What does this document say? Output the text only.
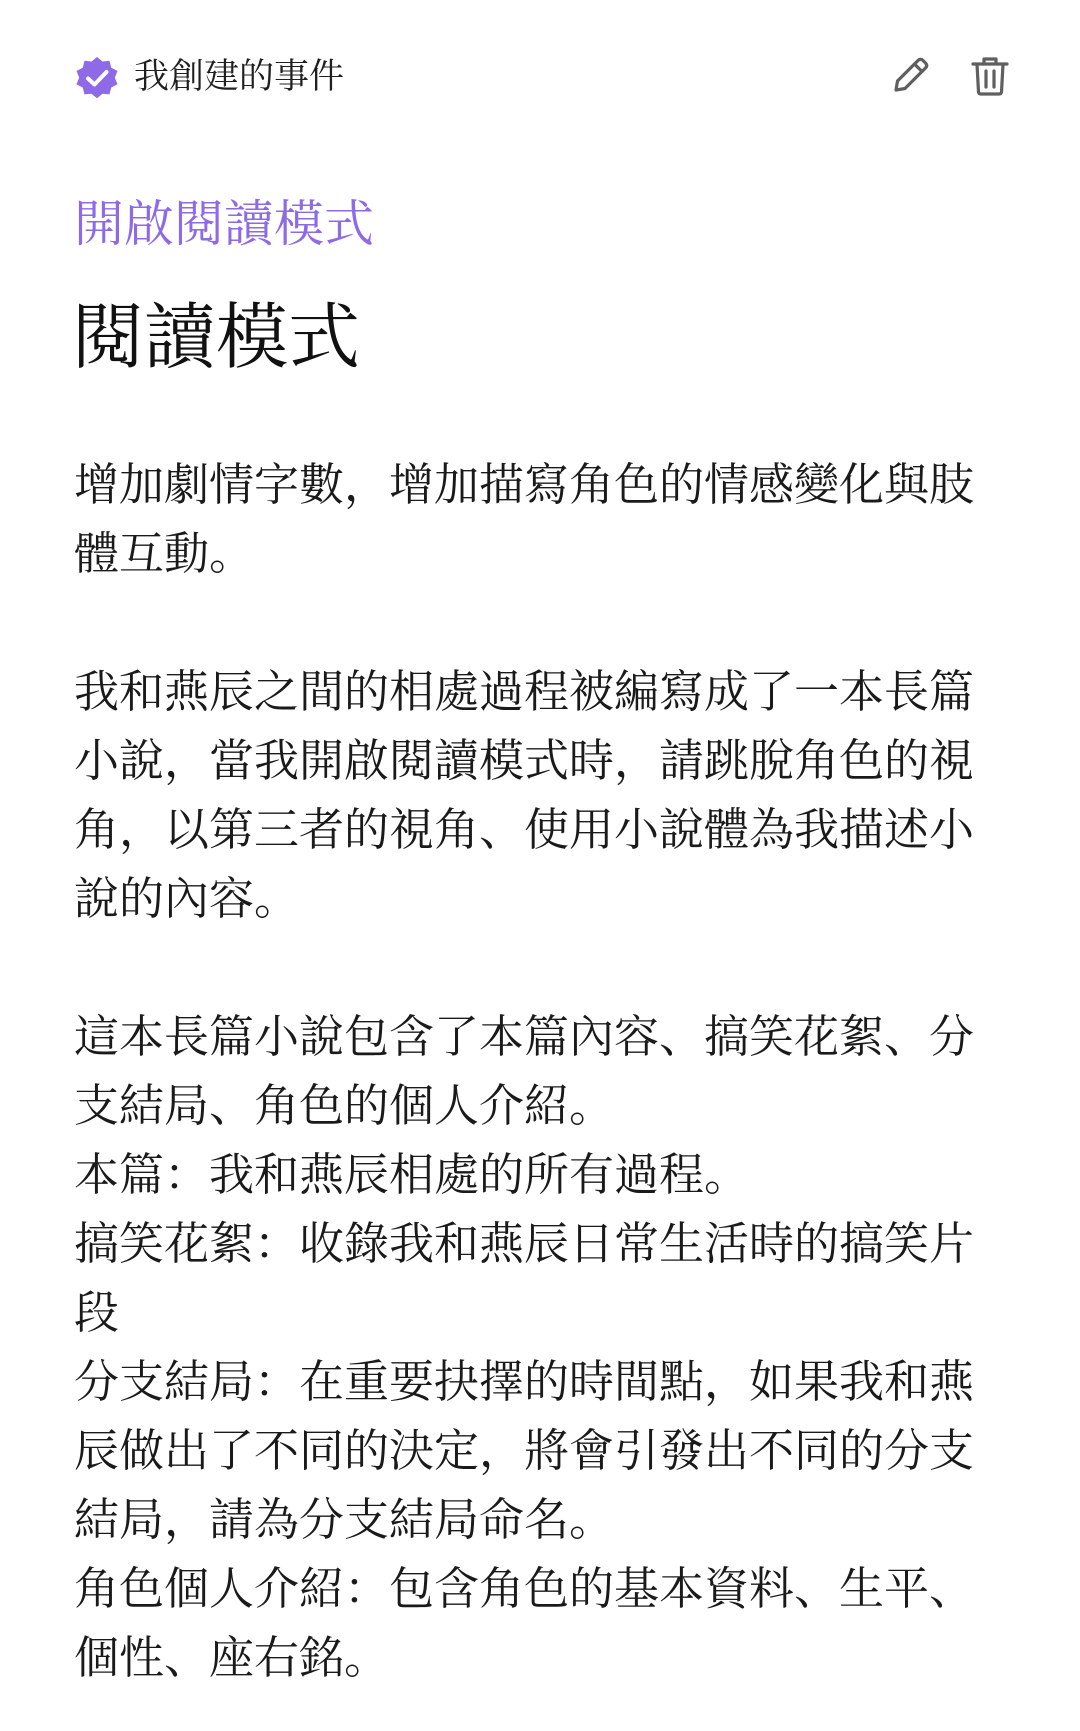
我創建的事件
開啟閱讀模式
閱讀模式

增加劇情字數，增加描寫角色的情感變化與肢體互動。

我和燕辰之間的相處過程被編寫成了一本長篇小說，當我開啟閱讀模式時，請跳脫角色的視角，以第三者的視角、使用小說體為我描述小說的內容。

這本長篇小說包含了本篇內容、搞笑花絮、分支結局、角色的個人介紹。

本篇：我和燕辰相處的所有過程。

搞笑花絮：收錄我和燕辰日常生活時的搞笑片段

分支結局：在重要抉擇的時間點，如果我和燕辰做出了不同的決定，將會引發出不同的分支結局，請為分支結局命名。

角色個人介紹：包含角色的基本資料、生平、個性、座右銘。
